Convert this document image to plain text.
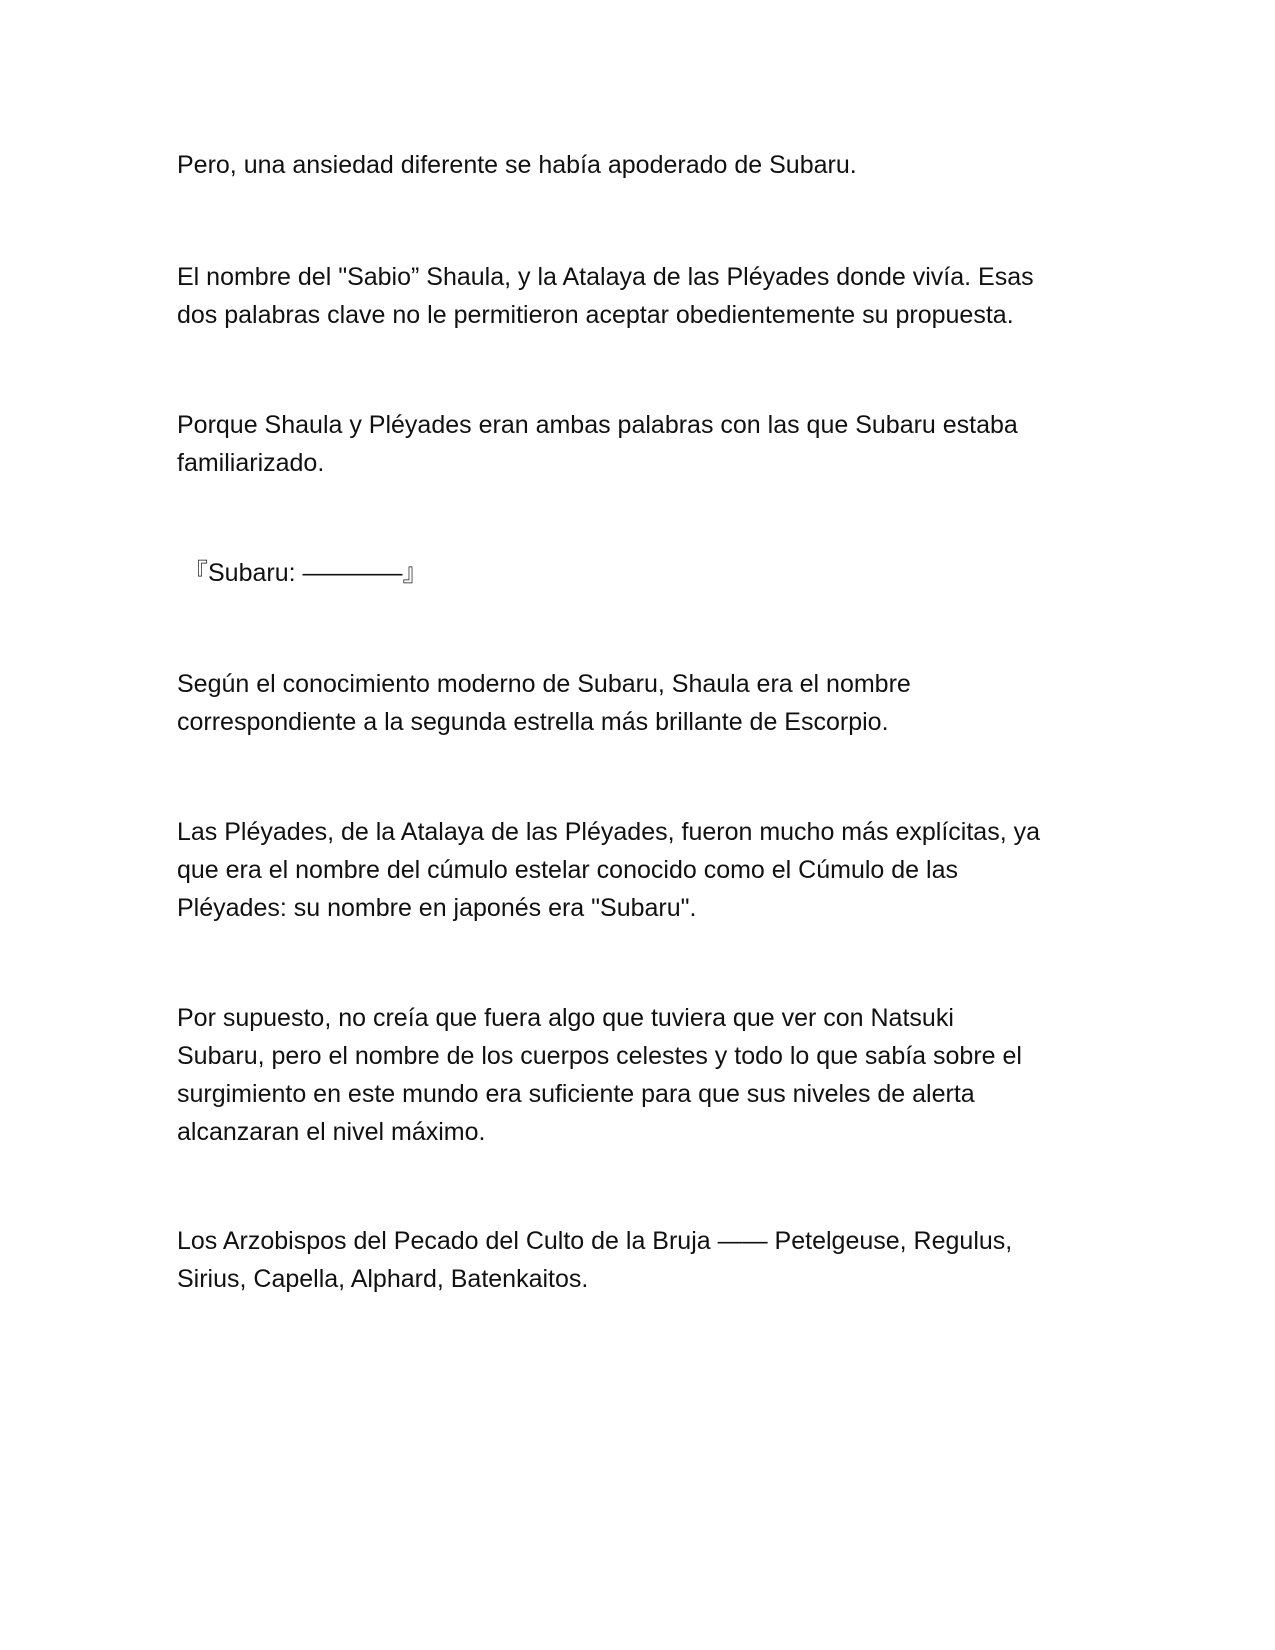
Pero, una ansiedad diferente se había apoderado de Subaru.

El nombre del "Sabio” Shaula, y la Atalaya de las Pléyades donde vivía. Esas
dos palabras clave no le permitieron aceptar obedientemente su propuesta.

Porque Shaula y Pléyades eran ambas palabras con las que Subaru estaba
familiarizado.

『Subaru: ————』

Según el conocimiento moderno de Subaru, Shaula era el nombre
correspondiente a la segunda estrella más brillante de Escorpio.

Las Pléyades, de la Atalaya de las Pléyades, fueron mucho más explícitas, ya
que era el nombre del cúmulo estelar conocido como el Cúmulo de las
Pléyades: su nombre en japonés era "Subaru".

Por supuesto, no creía que fuera algo que tuviera que ver con Natsuki
Subaru, pero el nombre de los cuerpos celestes y todo lo que sabía sobre el
surgimiento en este mundo era suficiente para que sus niveles de alerta
alcanzaran el nivel máximo.

Los Arzobispos del Pecado del Culto de la Bruja —— Petelgeuse, Regulus,
Sirius, Capella, Alphard, Batenkaitos.
